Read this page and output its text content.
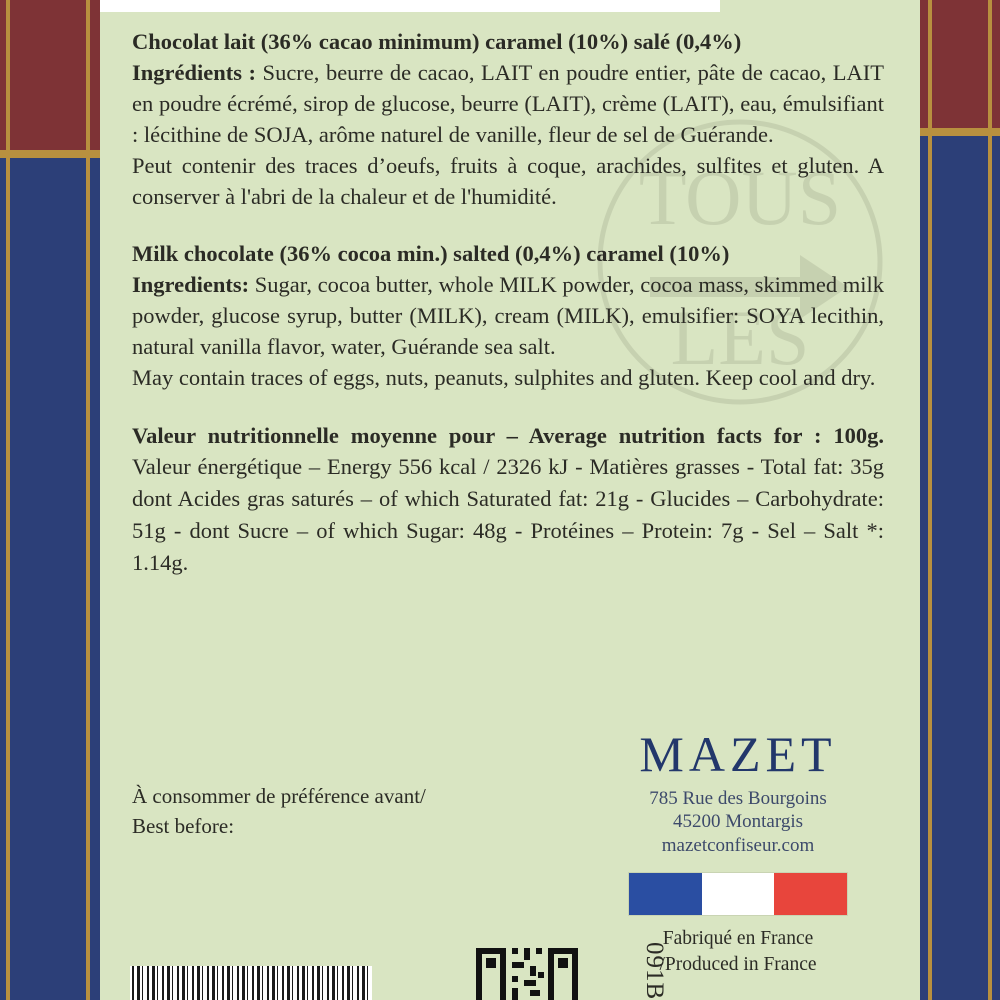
TOUS
LES
Chocolat lait (36% cacao minimum) caramel (10%) salé (0,4%)
Ingrédients : Sucre, beurre de cacao, LAIT en poudre entier, pâte de cacao, LAIT en poudre écrémé, sirop de glucose, beurre (LAIT), crème (LAIT), eau, émulsifiant : lécithine de SOJA, arôme naturel de vanille, fleur de sel de Guérande.
Peut contenir des traces d’oeufs, fruits à coque, arachides, sulfites et gluten. A conserver à l'abri de la chaleur et de l'humidité.
Milk chocolate (36% cocoa min.) salted (0,4%) caramel (10%)
Ingredients: Sugar, cocoa butter, whole MILK powder, cocoa mass, skimmed milk powder, glucose syrup, butter (MILK), cream (MILK), emulsifier: SOYA lecithin, natural vanilla flavor, water, Guérande sea salt.
May contain traces of eggs, nuts, peanuts, sulphites and gluten. Keep cool and dry.
Valeur nutritionnelle moyenne pour – Average nutrition facts for : 100g. Valeur énergétique – Energy 556 kcal / 2326 kJ - Matières grasses - Total fat: 35g dont Acides gras saturés – of which Saturated fat: 21g - Glucides – Carbohydrate: 51g - dont Sucre – of which Sugar: 48g - Protéines – Protein: 7g - Sel – Salt *: 1.14g.
À consommer de préférence avant/
Best before:
MAZET
785 Rue des Bourgoins
45200 Montargis
mazetconfiseur.com
Fabriqué en France
/Produced in France
091B
